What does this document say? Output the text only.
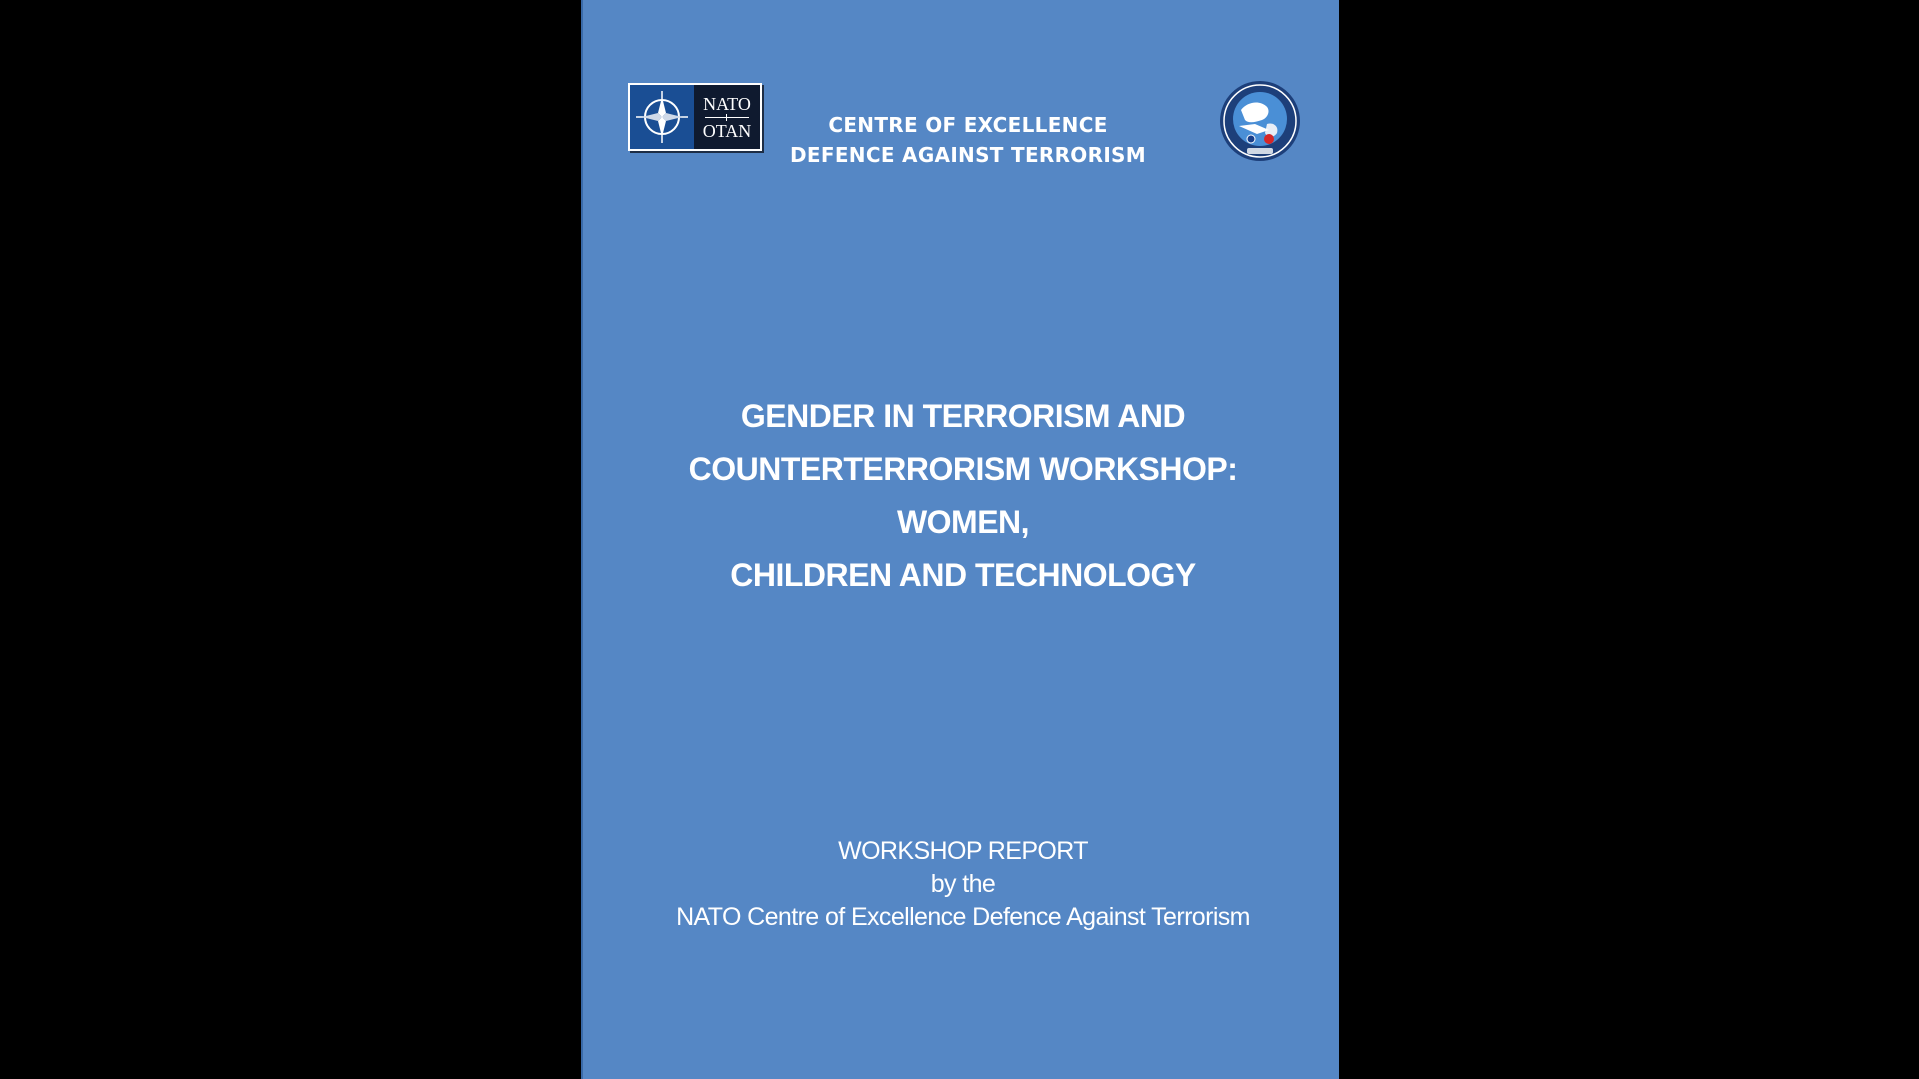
NATO
OTAN	CENTRE OF EXCELLENCE
DEFENCE AGAINST TERRORISM
GENDER IN TERRORISM AND
COUNTERTERRORISM WORKSHOP: WOMEN,
CHILDREN AND TECHNOLOGY
WORKSHOP REPORT
by the
NATO Centre of Excellence Defence Against Terrorism
